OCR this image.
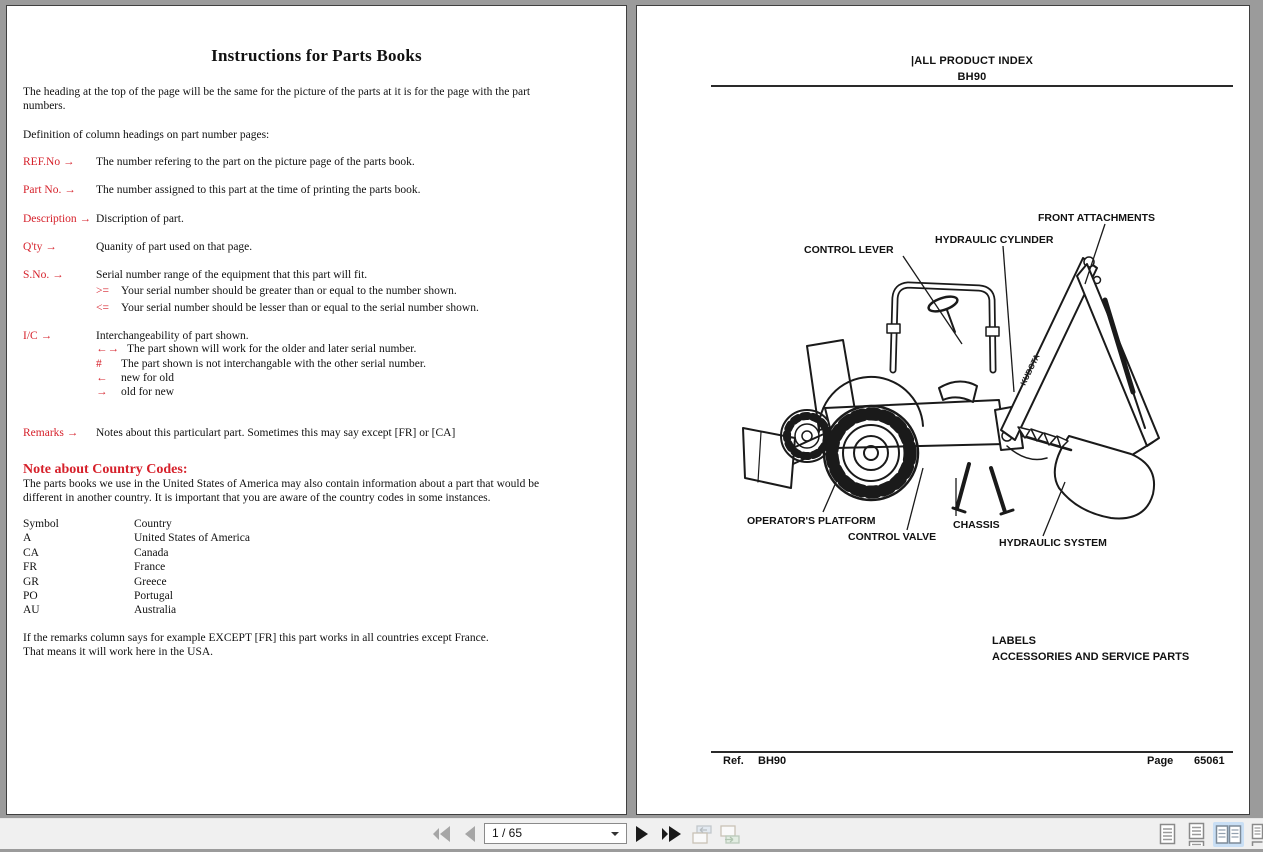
Instructions for Parts Books
The heading at the top of the page will be the same for the picture of the parts at it is for the page with the part
numbers.
Definition of column headings on part number pages:
REF.No → The number refering to the part on the picture page of the parts book.
Part No. → The number assigned to this part at the time of printing the parts book.
Description → Discription of part.
Q'ty →	Quanity of part used on that page.
S.No. →	Serial number range of the equipment that this part will fit.
>= Your serial number should be greater than or equal to the number shown.
<= Your serial number should be lesser than or equal to the serial number shown.
I/C →	Interchangeability of part shown.
←→ The part shown will work for the older and later serial number.
# The part shown is not interchangable with the other serial number.
← new for old
→ old for new
Remarks → Notes about this particulart part. Sometimes this may say except [FR] or [CA]
Note about Country Codes:
The parts books we use in the United States of America may also contain information about a part that would be
different in another country. It is important that you are aware of the country codes in some instances.
Symbol	Country
A	United States of America
CA	Canada
FR	France
GR	Greece
PO	Portugal
AU	Australia
If the remarks column says for example EXCEPT [FR] this part works in all countries except France.
That means it will work here in the USA.
|ALL PRODUCT INDEX
BH90
KUBOTA
CONTROL LEVER
HYDRAULIC CYLINDER
FRONT ATTACHMENTS
OPERATOR'S PLATFORM
CONTROL VALVE
CHASSIS
HYDRAULIC SYSTEM
LABELS
ACCESSORIES AND SERVICE PARTS
Ref. BH90	Page 65061
1 / 65
